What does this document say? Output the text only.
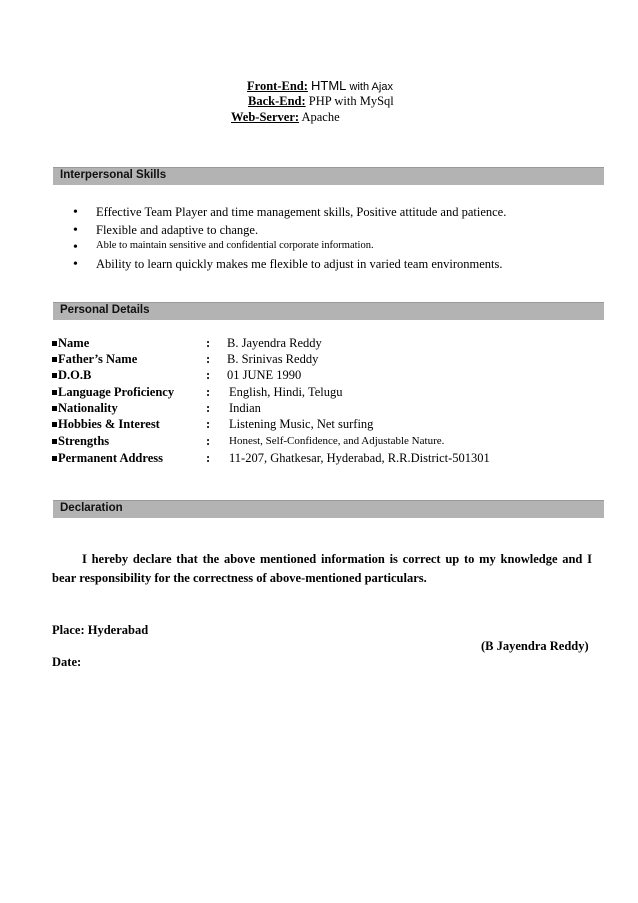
Front-End: HTML with Ajax
Back-End: PHP with MySql
Web-Server: Apache
Interpersonal Skills
• Effective Team Player and time management skills, Positive attitude and patience.
• Flexible and adaptive to change.
• Able to maintain sensitive and confidential corporate information.
• Ability to learn quickly makes me flexible to adjust in varied team environments.
Personal Details
Name	: B. Jayendra Reddy
Father’s Name	: B. Srinivas Reddy
D.O.B	: 01 JUNE 1990
Language Proficiency	: English, Hindi, Telugu
Nationality	: Indian
Hobbies & Interest	: Listening Music, Net surfing
Strengths	: Honest, Self-Confidence, and Adjustable Nature.
Permanent Address	: 11-207, Ghatkesar, Hyderabad, R.R.District-501301
Declaration
I hereby declare that the above mentioned information is correct up to my knowledge and I bear responsibility for the correctness of above-mentioned particulars.
Place: Hyderabad
(B Jayendra Reddy)
Date:
